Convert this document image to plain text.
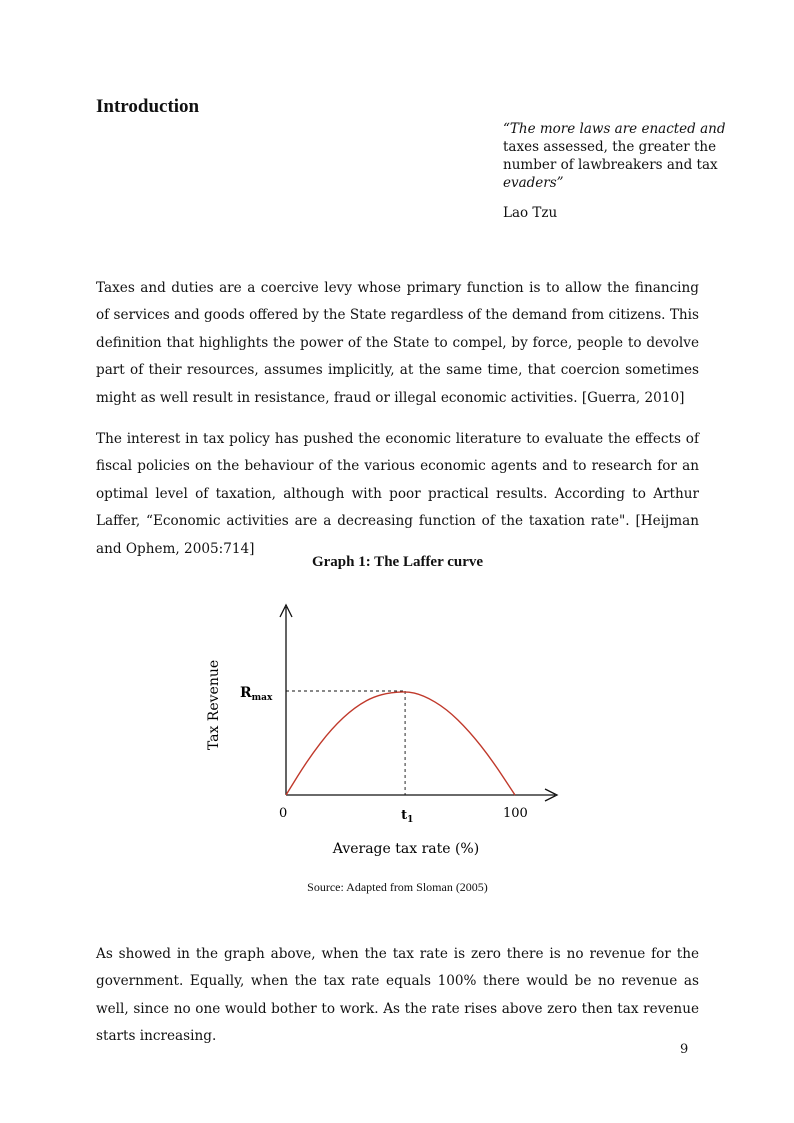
Introduction
“The more laws are enacted and
taxes assessed, the greater the
number of lawbreakers and tax
evaders”
Lao Tzu
Taxes and duties are a coercive levy whose primary function is to allow the financing of services and goods offered by the State regardless of the demand from citizens. This definition that highlights the power of the State to compel, by force, people to devolve part of their resources, assumes implicitly, at the same time, that coercion sometimes might as well result in resistance, fraud or illegal economic activities. [Guerra, 2010]
The interest in tax policy has pushed the economic literature to evaluate the effects of fiscal policies on the behaviour of the various economic agents and to research for an optimal level of taxation, although with poor practical results. According to Arthur Laffer, “Economic activities are a decreasing function of the taxation rate". [Heijman and Ophem, 2005:714]
Graph 1: The Laffer curve
Tax Revenue $R_{max}$
0	$t_1$	100
Average tax rate (%)
Source: Adapted from Sloman (2005)
As showed in the graph above, when the tax rate is zero there is no revenue for the government. Equally, when the tax rate equals 100% there would be no revenue as well, since no one would bother to work. As the rate rises above zero then tax revenue starts increasing.
9
